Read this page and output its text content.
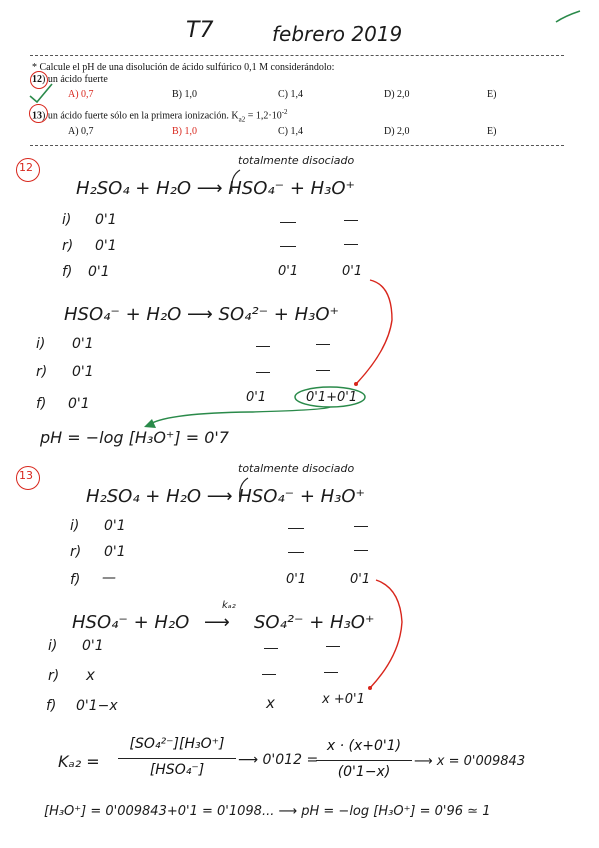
T7	febrero 2019
* Calcule el pH de una disolución de ácido sulfúrico 0,1 M considerándolo:
12) un ácido fuerte
A) 0,7	B) 1,0	C) 1,4	D) 2,0	E)
13) un ácido fuerte sólo en la primera ionización. $K_{a2} = 1,2\cdot 10^{-2}$
A) 0,7	B) 1,0	C) 1,4	D) 2,0	E)
12
totalmente disociado
H₂SO₄ + H₂O ⟶ HSO₄⁻ + H₃O⁺
i) 0'1
r) 0'1
f) 0'1	0'1	0'1
HSO₄⁻ + H₂O ⟶ SO₄²⁻ + H₃O⁺
i) 0'1
r) 0'1
f) 0'1	0'1	0'1+0'1
pH = −log [H₃O⁺] = 0'7
13
totalmente disociado
H₂SO₄ + H₂O ⟶ HSO₄⁻ + H₃O⁺
i) 0'1
r) 0'1
f) —	0'1	0'1
HSO₄⁻ + H₂O
kₐ₂
⟶ SO₄²⁻ + H₃O⁺
i) 0'1
r) x
f) 0'1−x	x	x +0'1
Kₐ₂ =
[SO₄²⁻][H₃O⁺]
[HSO₄⁻]
⟶ 0'012 =
x · (x+0'1)
(0'1−x)
⟶ x = 0'009843
[H₃O⁺] = 0'009843+0'1 = 0'1098... ⟶ pH = −log [H₃O⁺] = 0'96 ≃ 1
